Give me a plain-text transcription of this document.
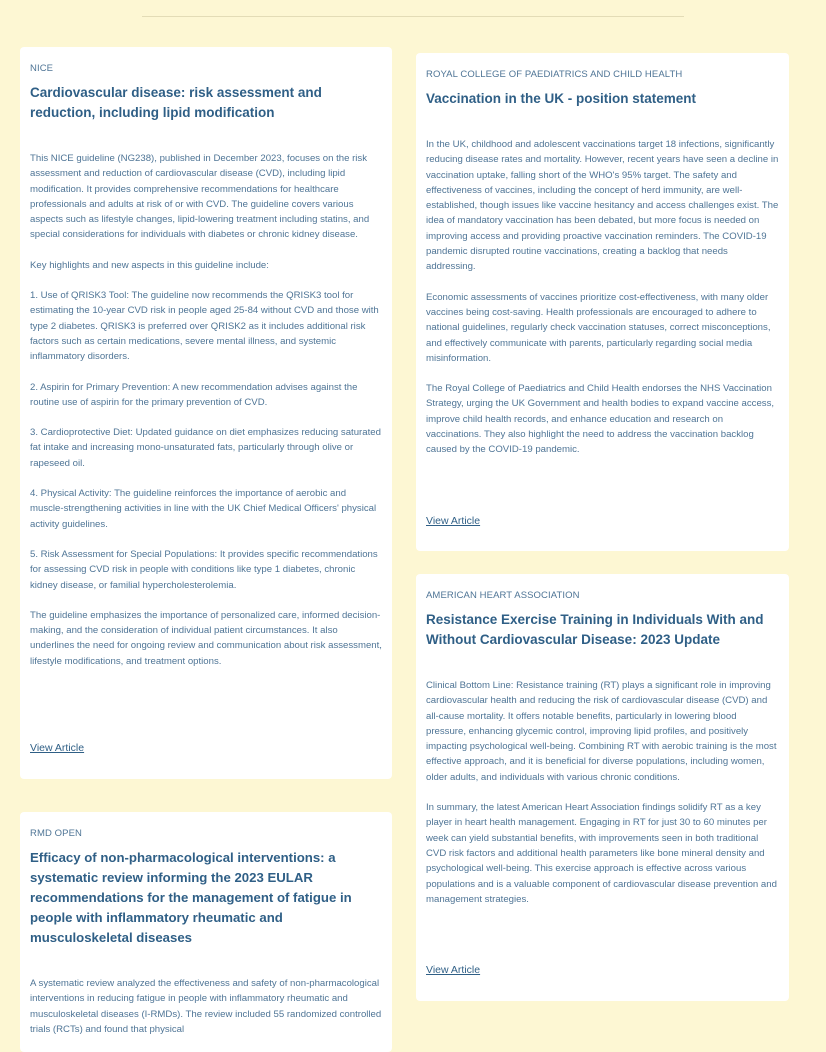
NICE
Cardiovascular disease: risk assessment and reduction, including lipid modification
This NICE guideline (NG238), published in December 2023, focuses on the risk assessment and reduction of cardiovascular disease (CVD), including lipid modification. It provides comprehensive recommendations for healthcare professionals and adults at risk of or with CVD. The guideline covers various aspects such as lifestyle changes, lipid-lowering treatment including statins, and special considerations for individuals with diabetes or chronic kidney disease.
Key highlights and new aspects in this guideline include:
1. Use of QRISK3 Tool: The guideline now recommends the QRISK3 tool for estimating the 10-year CVD risk in people aged 25-84 without CVD and those with type 2 diabetes. QRISK3 is preferred over QRISK2 as it includes additional risk factors such as certain medications, severe mental illness, and systemic inflammatory disorders.
2. Aspirin for Primary Prevention: A new recommendation advises against the routine use of aspirin for the primary prevention of CVD.
3. Cardioprotective Diet: Updated guidance on diet emphasizes reducing saturated fat intake and increasing mono-unsaturated fats, particularly through olive or rapeseed oil.
4. Physical Activity: The guideline reinforces the importance of aerobic and muscle-strengthening activities in line with the UK Chief Medical Officers' physical activity guidelines.
5. Risk Assessment for Special Populations: It provides specific recommendations for assessing CVD risk in people with conditions like type 1 diabetes, chronic kidney disease, or familial hypercholesterolemia.
The guideline emphasizes the importance of personalized care, informed decision-making, and the consideration of individual patient circumstances. It also underlines the need for ongoing review and communication about risk assessment, lifestyle modifications, and treatment options.
View Article
ROYAL COLLEGE OF PAEDIATRICS AND CHILD HEALTH
Vaccination in the UK - position statement
In the UK, childhood and adolescent vaccinations target 18 infections, significantly reducing disease rates and mortality. However, recent years have seen a decline in vaccination uptake, falling short of the WHO's 95% target. The safety and effectiveness of vaccines, including the concept of herd immunity, are well-established, though issues like vaccine hesitancy and access challenges exist. The idea of mandatory vaccination has been debated, but more focus is needed on improving access and providing proactive vaccination reminders. The COVID-19 pandemic disrupted routine vaccinations, creating a backlog that needs addressing.
Economic assessments of vaccines prioritize cost-effectiveness, with many older vaccines being cost-saving. Health professionals are encouraged to adhere to national guidelines, regularly check vaccination statuses, correct misconceptions, and effectively communicate with parents, particularly regarding social media misinformation.
The Royal College of Paediatrics and Child Health endorses the NHS Vaccination Strategy, urging the UK Government and health bodies to expand vaccine access, improve child health records, and enhance education and research on vaccinations. They also highlight the need to address the vaccination backlog caused by the COVID-19 pandemic.
View Article
AMERICAN HEART ASSOCIATION
Resistance Exercise Training in Individuals With and Without Cardiovascular Disease: 2023 Update
Clinical Bottom Line: Resistance training (RT) plays a significant role in improving cardiovascular health and reducing the risk of cardiovascular disease (CVD) and all-cause mortality. It offers notable benefits, particularly in lowering blood pressure, enhancing glycemic control, improving lipid profiles, and positively impacting psychological well-being. Combining RT with aerobic training is the most effective approach, and it is beneficial for diverse populations, including women, older adults, and individuals with various chronic conditions.
In summary, the latest American Heart Association findings solidify RT as a key player in heart health management. Engaging in RT for just 30 to 60 minutes per week can yield substantial benefits, with improvements seen in both traditional CVD risk factors and additional health parameters like bone mineral density and psychological well-being. This exercise approach is effective across various populations and is a valuable component of cardiovascular disease prevention and management strategies.
View Article
RMD OPEN
Efficacy of non-pharmacological interventions: a systematic review informing the 2023 EULAR recommendations for the management of fatigue in people with inflammatory rheumatic and musculoskeletal diseases
A systematic review analyzed the effectiveness and safety of non-pharmacological interventions in reducing fatigue in people with inflammatory rheumatic and musculoskeletal diseases (I-RMDs). The review included 55 randomized controlled trials (RCTs) and found that physical
